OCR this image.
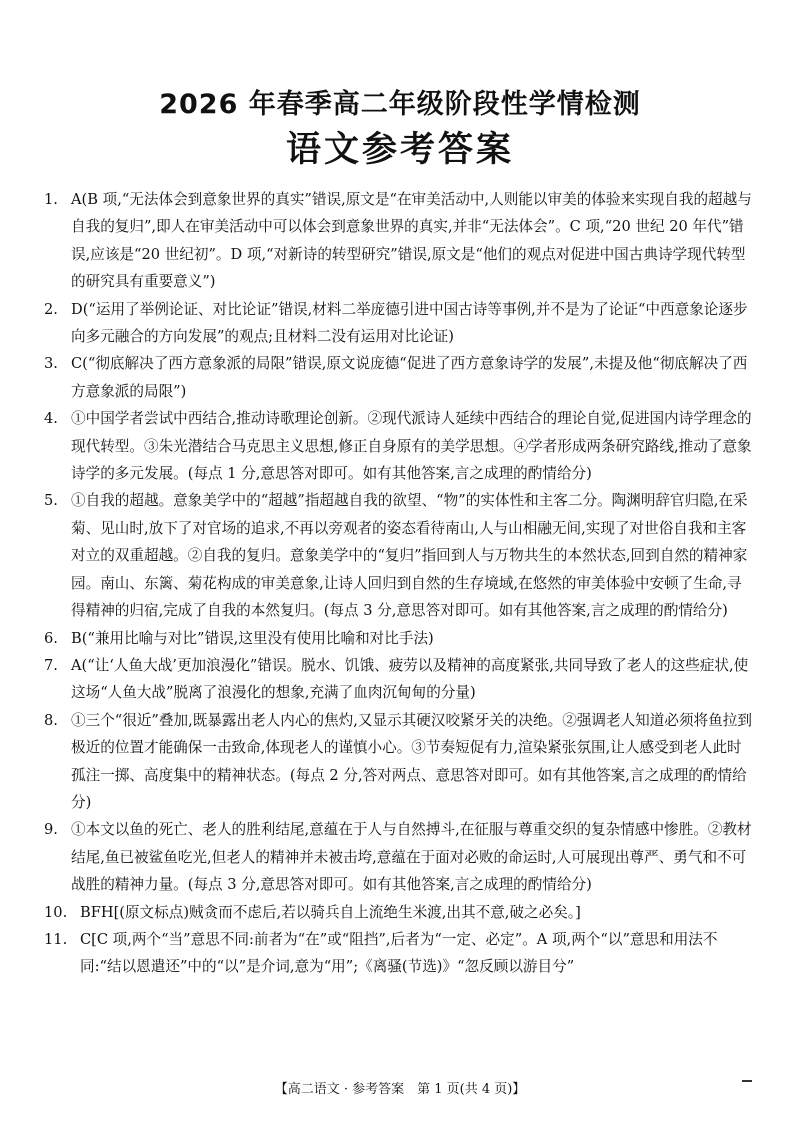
2026 年春季高二年级阶段性学情检测
语文参考答案

1. A(B 项,“无法体会到意象世界的真实”错误,原文是“在审美活动中,人则能以审美的体验来实现自我的超越与自我的复归”,即人在审美活动中可以体会到意象世界的真实,并非“无法体会”。C 项,“20 世纪 20 年代”错误,应该是“20 世纪初”。D 项,“对新诗的转型研究”错误,原文是“他们的观点对促进中国古典诗学现代转型的研究具有重要意义”)

2. D(“运用了举例论证、对比论证”错误,材料二举庞德引进中国古诗等事例,并不是为了论证“中西意象论逐步向多元融合的方向发展”的观点;且材料二没有运用对比论证)

3. C(“彻底解决了西方意象派的局限”错误,原文说庞德“促进了西方意象诗学的发展”,未提及他“彻底解决了西方意象派的局限”)

4. ①中国学者尝试中西结合,推动诗歌理论创新。②现代派诗人延续中西结合的理论自觉,促进国内诗学理念的现代转型。③朱光潜结合马克思主义思想,修正自身原有的美学思想。④学者形成两条研究路线,推动了意象诗学的多元发展。(每点 1 分,意思答对即可。如有其他答案,言之成理的酌情给分)

5. ①自我的超越。意象美学中的“超越”指超越自我的欲望、“物”的实体性和主客二分。陶渊明辞官归隐,在采菊、见山时,放下了对官场的追求,不再以旁观者的姿态看待南山,人与山相融无间,实现了对世俗自我和主客对立的双重超越。②自我的复归。意象美学中的“复归”指回到人与万物共生的本然状态,回到自然的精神家园。南山、东篱、菊花构成的审美意象,让诗人回归到自然的生存境域,在悠然的审美体验中安顿了生命,寻得精神的归宿,完成了自我的本然复归。(每点 3 分,意思答对即可。如有其他答案,言之成理的酌情给分)

6. B(“兼用比喻与对比”错误,这里没有使用比喻和对比手法)

7. A(“让‘人鱼大战’更加浪漫化”错误。脱水、饥饿、疲劳以及精神的高度紧张,共同导致了老人的这些症状,使这场“人鱼大战”脱离了浪漫化的想象,充满了血肉沉甸甸的分量)

8. ①三个“很近”叠加,既暴露出老人内心的焦灼,又显示其硬汉咬紧牙关的决绝。②强调老人知道必须将鱼拉到极近的位置才能确保一击致命,体现老人的谨慎小心。③节奏短促有力,渲染紧张氛围,让人感受到老人此时孤注一掷、高度集中的精神状态。(每点 2 分,答对两点、意思答对即可。如有其他答案,言之成理的酌情给分)

9. ①本文以鱼的死亡、老人的胜利结尾,意蕴在于人与自然搏斗,在征服与尊重交织的复杂情感中惨胜。②教材结尾,鱼已被鲨鱼吃光,但老人的精神并未被击垮,意蕴在于面对必败的命运时,人可展现出尊严、勇气和不可战胜的精神力量。(每点 3 分,意思答对即可。如有其他答案,言之成理的酌情给分)

10. BFH[(原文标点)贼贪而不虑后,若以骑兵自上流绝生米渡,出其不意,破之必矣。]

11. C[C 项,两个“当”意思不同:前者为“在”或“阻挡”,后者为“一定、必定”。A 项,两个“以”意思和用法不同:“结以恩遣还”中的“以”是介词,意为“用”;《离骚(节选)》“忽反顾以游目兮”

【高二语文 · 参考答案　第 1 页(共 4 页)】
